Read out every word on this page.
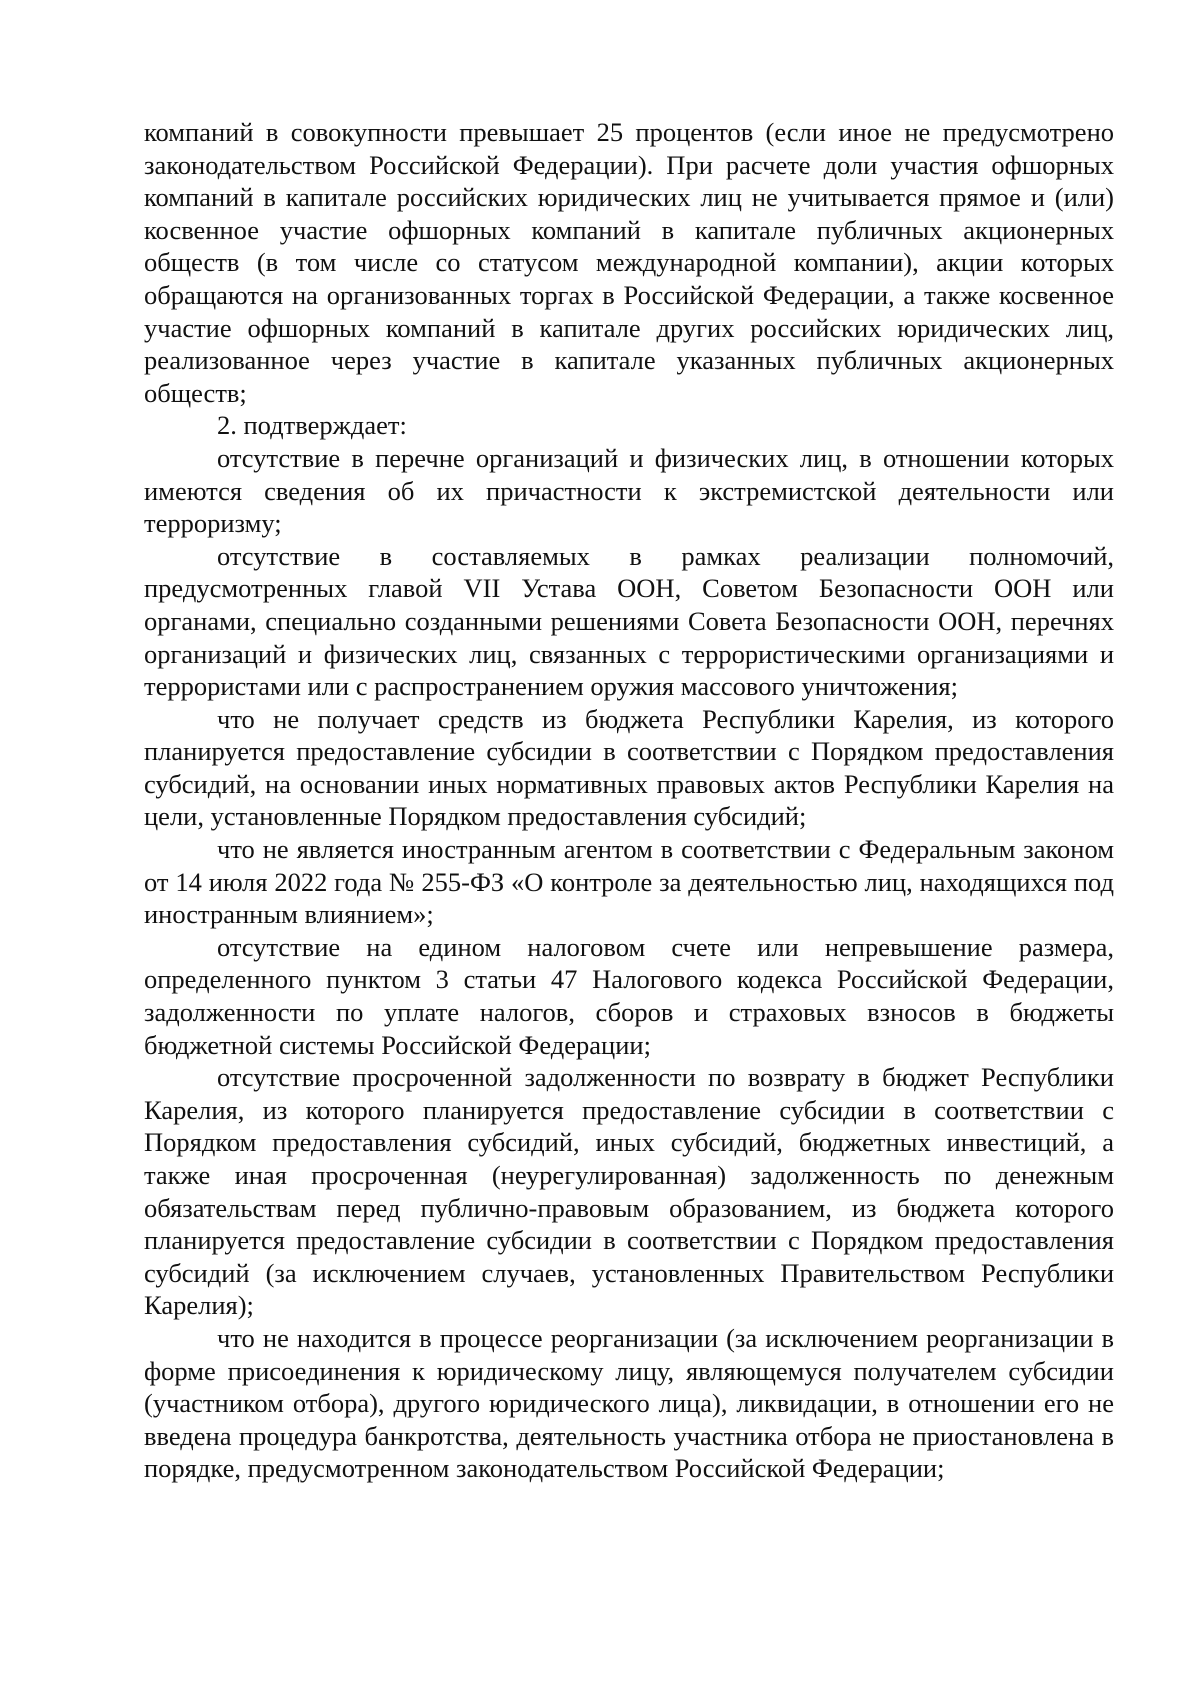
компаний в совокупности превышает 25 процентов (если иное не предусмотрено законодательством Российской Федерации). При расчете доли участия офшорных компаний в капитале российских юридических лиц не учитывается прямое и (или) косвенное участие офшорных компаний в капитале публичных акционерных обществ (в том числе со статусом международной компании), акции которых обращаются на организованных торгах в Российской Федерации, а также косвенное участие офшорных компаний в капитале других российских юридических лиц, реализованное через участие в капитале указанных публичных акционерных обществ;

2. подтверждает:

отсутствие в перечне организаций и физических лиц, в отношении которых имеются сведения об их причастности к экстремистской деятельности или терроризму;

отсутствие в составляемых в рамках реализации полномочий, предусмотренных главой VII Устава ООН, Советом Безопасности ООН или органами, специально созданными решениями Совета Безопасности ООН, перечнях организаций и физических лиц, связанных с террористическими организациями и террористами или с распространением оружия массового уничтожения;

что не получает средств из бюджета Республики Карелия, из которого планируется предоставление субсидии в соответствии с Порядком предоставления субсидий, на основании иных нормативных правовых актов Республики Карелия на цели, установленные Порядком предоставления субсидий;

что не является иностранным агентом в соответствии с Федеральным законом от 14 июля 2022 года № 255-ФЗ «О контроле за деятельностью лиц, находящихся под иностранным влиянием»;

отсутствие на едином налоговом счете или непревышение размера, определенного пунктом 3 статьи 47 Налогового кодекса Российской Федерации, задолженности по уплате налогов, сборов и страховых взносов в бюджеты бюджетной системы Российской Федерации;

отсутствие просроченной задолженности по возврату в бюджет Республики Карелия, из которого планируется предоставление субсидии в соответствии с Порядком предоставления субсидий, иных субсидий, бюджетных инвестиций, а также иная просроченная (неурегулированная) задолженность по денежным обязательствам перед публично-правовым образованием, из бюджета которого планируется предоставление субсидии в соответствии с Порядком предоставления субсидий (за исключением случаев, установленных Правительством Республики Карелия);

что не находится в процессе реорганизации (за исключением реорганизации в форме присоединения к юридическому лицу, являющемуся получателем субсидии (участником отбора), другого юридического лица), ликвидации, в отношении его не введена процедура банкротства, деятельность участника отбора не приостановлена в порядке, предусмотренном законодательством Российской Федерации;
